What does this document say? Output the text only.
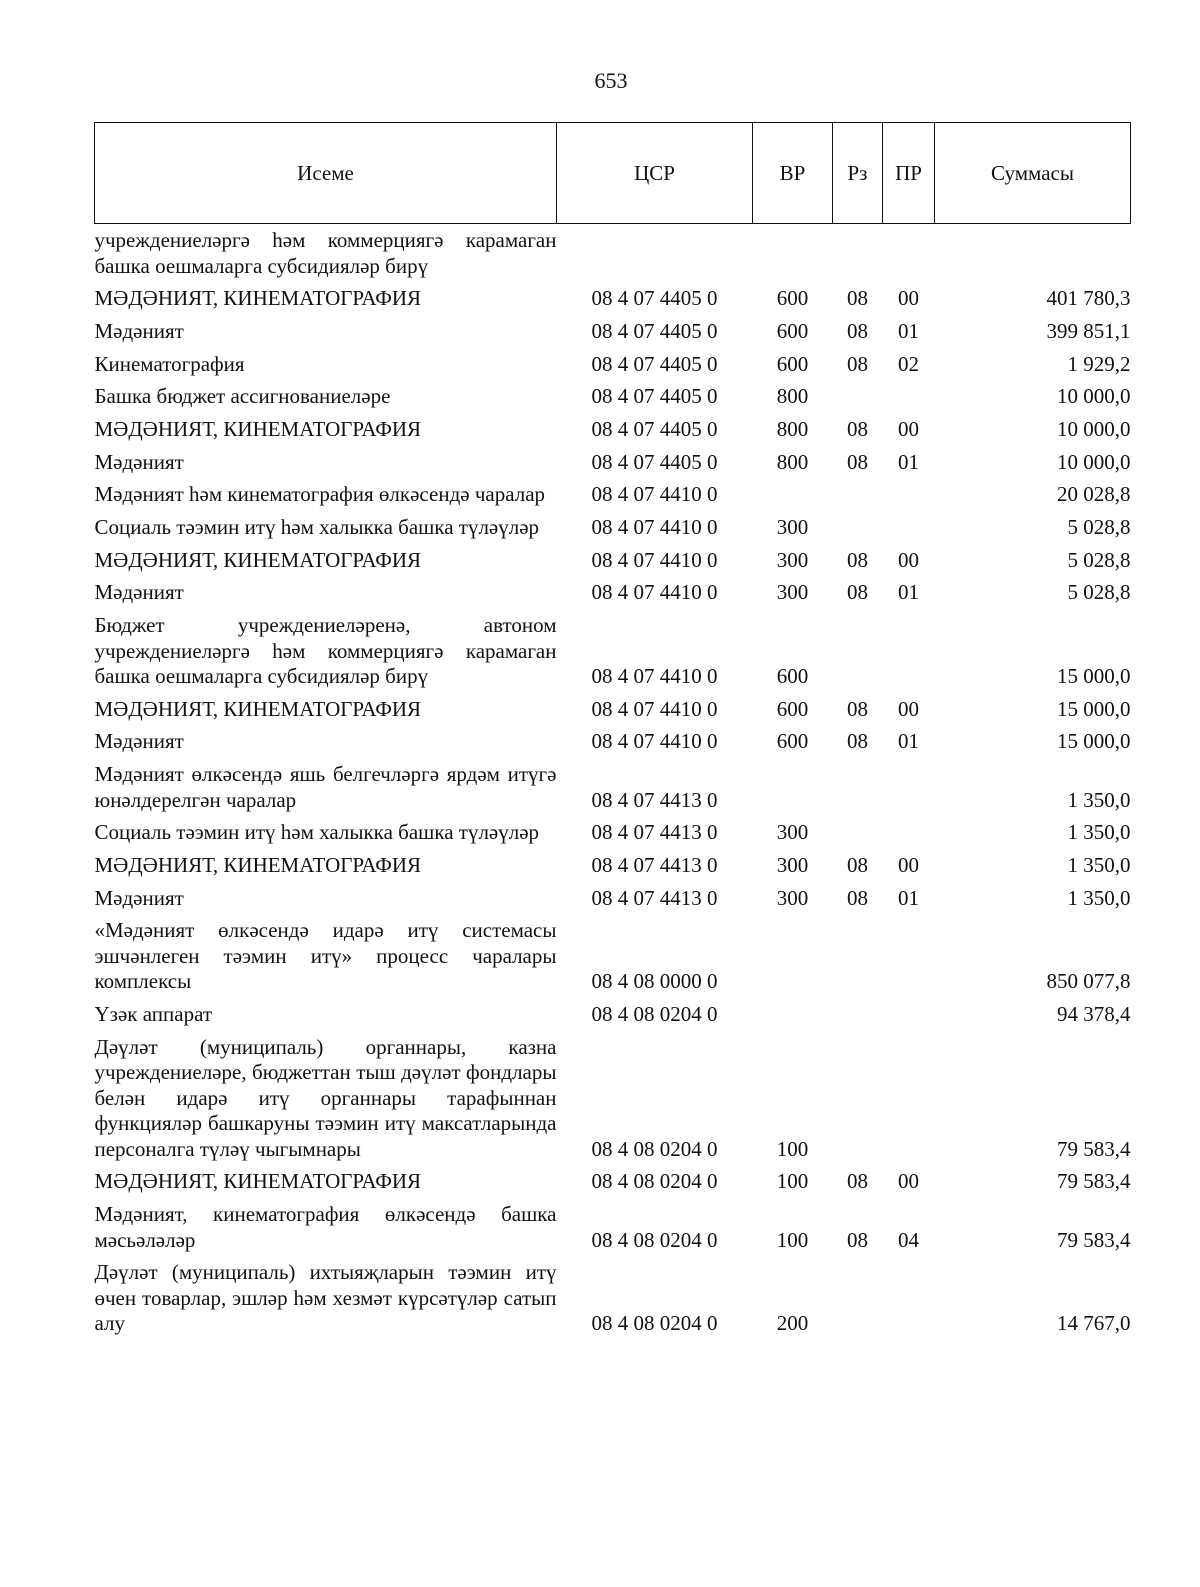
653
Исеме	ЦСР	ВР	Рз	ПР	Суммасы
учреждениеләргә һәм коммерциягә карамаган башка оешмаларга субсидияләр бирү					
МӘДӘНИЯТ, КИНЕМАТОГРАФИЯ	08 4 07 4405 0	600	08	00	401 780,3
Мәдәният	08 4 07 4405 0	600	08	01	399 851,1
Кинематография	08 4 07 4405 0	600	08	02	1 929,2
Башка бюджет ассигнованиеләре	08 4 07 4405 0	800			10 000,0
МӘДӘНИЯТ, КИНЕМАТОГРАФИЯ	08 4 07 4405 0	800	08	00	10 000,0
Мәдәният	08 4 07 4405 0	800	08	01	10 000,0
Мәдәният һәм кинематография өлкәсендә чаралар	08 4 07 4410 0				20 028,8
Социаль тәэмин итү һәм халыкка башка түләүләр	08 4 07 4410 0	300			5 028,8
МӘДӘНИЯТ, КИНЕМАТОГРАФИЯ	08 4 07 4410 0	300	08	00	5 028,8
Мәдәният	08 4 07 4410 0	300	08	01	5 028,8
Бюджет учреждениеләренә, автоном учреждениеләргә һәм коммерциягә карамаган башка оешмаларга субсидияләр бирү	08 4 07 4410 0	600			15 000,0
МӘДӘНИЯТ, КИНЕМАТОГРАФИЯ	08 4 07 4410 0	600	08	00	15 000,0
Мәдәният	08 4 07 4410 0	600	08	01	15 000,0
Мәдәният өлкәсендә яшь белгечләргә ярдәм итүгә юнәлдерелгән чаралар	08 4 07 4413 0				1 350,0
Социаль тәэмин итү һәм халыкка башка түләүләр	08 4 07 4413 0	300			1 350,0
МӘДӘНИЯТ, КИНЕМАТОГРАФИЯ	08 4 07 4413 0	300	08	00	1 350,0
Мәдәният	08 4 07 4413 0	300	08	01	1 350,0
«Мәдәният өлкәсендә идарә итү системасы эшчәнлеген тәэмин итү» процесс чаралары комплексы	08 4 08 0000 0				850 077,8
Үзәк аппарат	08 4 08 0204 0				94 378,4
Дәүләт (муниципаль) органнары, казна учреждениеләре, бюджеттан тыш дәүләт фондлары белән идарә итү органнары тарафыннан функцияләр башкаруны тәэмин итү максатларында персоналга түләү чыгымнары	08 4 08 0204 0	100			79 583,4
МӘДӘНИЯТ, КИНЕМАТОГРАФИЯ	08 4 08 0204 0	100	08	00	79 583,4
Мәдәният, кинематография өлкәсендә башка мәсьәләләр	08 4 08 0204 0	100	08	04	79 583,4
Дәүләт (муниципаль) ихтыяҗларын тәэмин итү өчен товарлар, эшләр һәм хезмәт күрсәтүләр сатып алу	08 4 08 0204 0	200			14 767,0
